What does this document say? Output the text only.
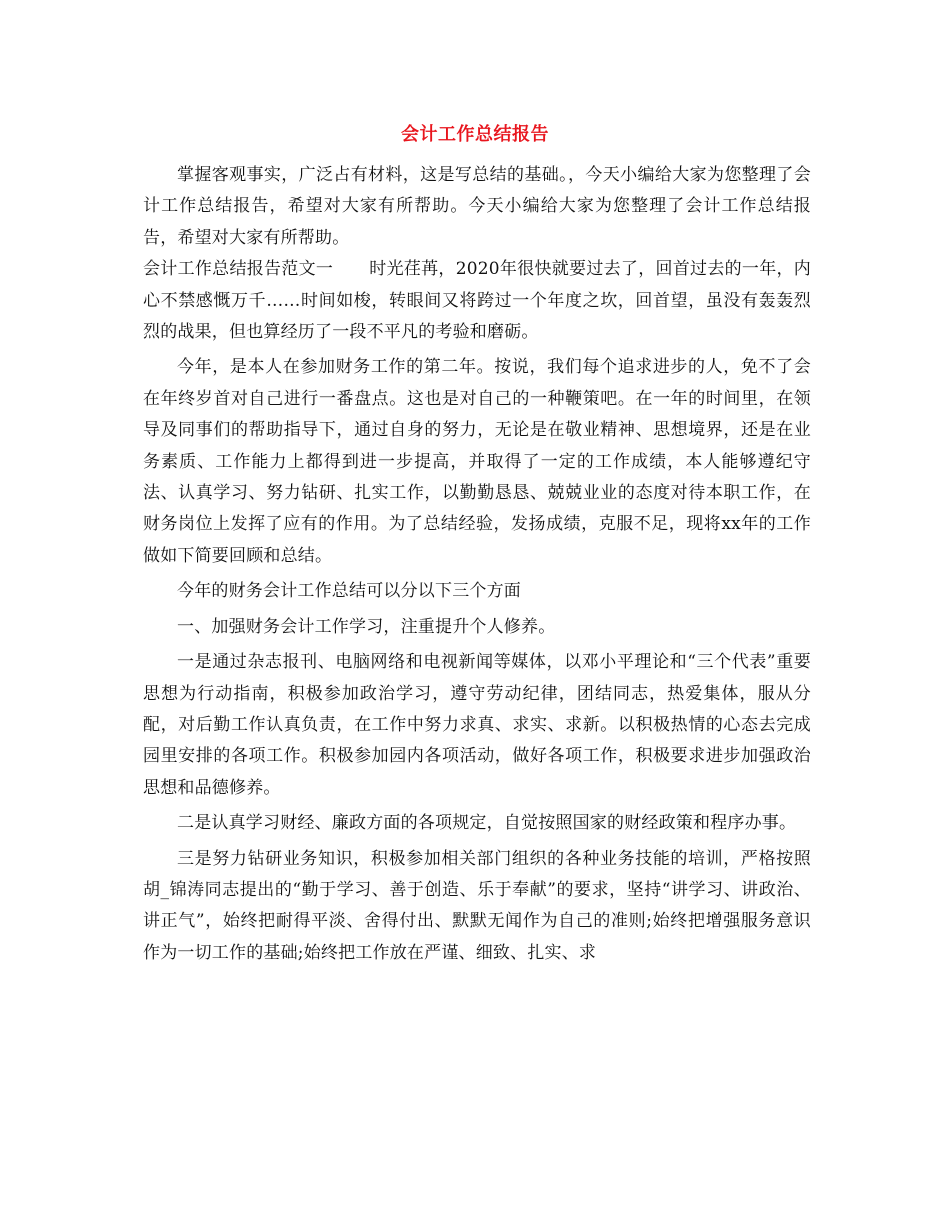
会计工作总结报告

掌握客观事实，广泛占有材料，这是写总结的基础。，今天小编给大家为您整理了会计工作总结报告，希望对大家有所帮助。今天小编给大家为您整理了会计工作总结报告，希望对大家有所帮助。

会计工作总结报告范文一 时光荏苒，2020年很快就要过去了，回首过去的一年，内心不禁感慨万千……时间如梭，转眼间又将跨过一个年度之坎，回首望，虽没有轰轰烈烈的战果，但也算经历了一段不平凡的考验和磨砺。

今年，是本人在参加财务工作的第二年。按说，我们每个追求进步的人，免不了会在年终岁首对自己进行一番盘点。这也是对自己的一种鞭策吧。在一年的时间里，在领导及同事们的帮助指导下，通过自身的努力，无论是在敬业精神、思想境界，还是在业务素质、工作能力上都得到进一步提高，并取得了一定的工作成绩，本人能够遵纪守法、认真学习、努力钻研、扎实工作，以勤勤恳恳、兢兢业业的态度对待本职工作，在财务岗位上发挥了应有的作用。为了总结经验，发扬成绩，克服不足，现将xx年的工作做如下简要回顾和总结。

今年的财务会计工作总结可以分以下三个方面

一、加强财务会计工作学习，注重提升个人修养。

一是通过杂志报刊、电脑网络和电视新闻等媒体，以邓小平理论和“三个代表”重要思想为行动指南，积极参加政治学习，遵守劳动纪律，团结同志，热爱集体，服从分配，对后勤工作认真负责，在工作中努力求真、求实、求新。以积极热情的心态去完成园里安排的各项工作。积极参加园内各项活动，做好各项工作，积极要求进步加强政治思想和品德修养。

二是认真学习财经、廉政方面的各项规定，自觉按照国家的财经政策和程序办事。

三是努力钻研业务知识，积极参加相关部门组织的各种业务技能的培训，严格按照胡_锦涛同志提出的“勤于学习、善于创造、乐于奉献”的要求，坚持“讲学习、讲政治、讲正气”，始终把耐得平淡、舍得付出、默默无闻作为自己的准则;始终把增强服务意识作为一切工作的基础;始终把工作放在严谨、细致、扎实、求
